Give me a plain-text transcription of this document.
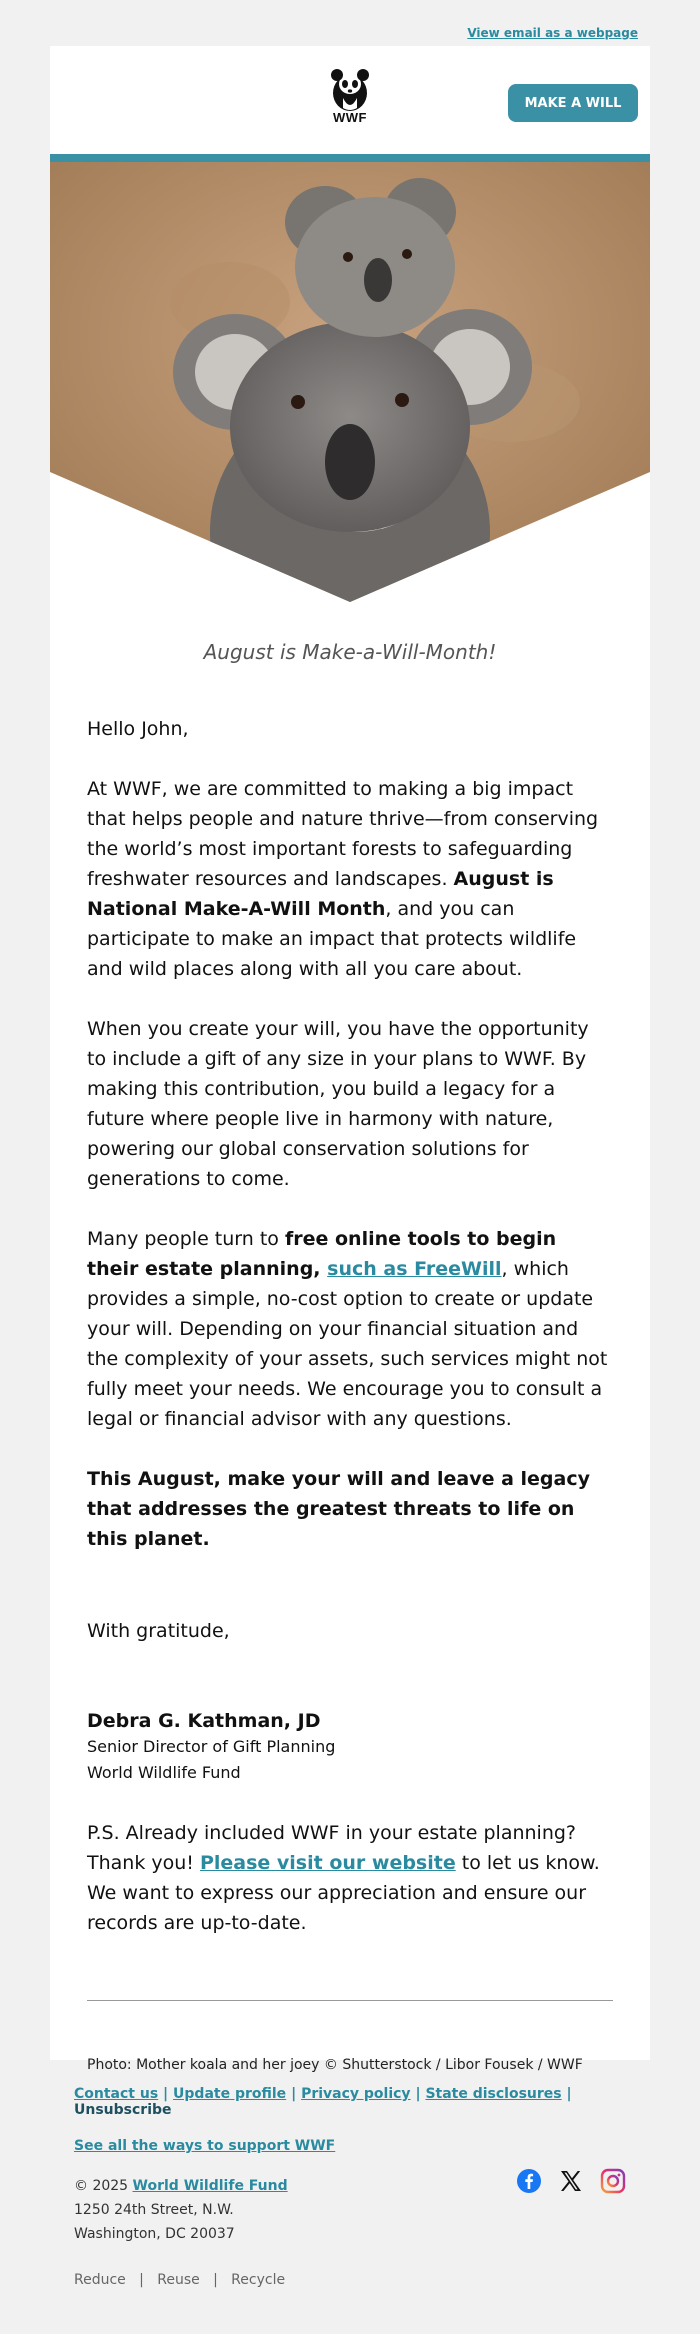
View email as a webpage
WWF
MAKE A WILL

August is Make-a-Will-Month!

Hello John,

At WWF, we are committed to making a big impact that helps people and nature thrive—from conserving the world’s most important forests to safeguarding freshwater resources and landscapes. August is National Make-A-Will Month, and you can participate to make an impact that protects wildlife and wild places along with all you care about.

When you create your will, you have the opportunity to include a gift of any size in your plans to WWF. By making this contribution, you build a legacy for a future where people live in harmony with nature, powering our global conservation solutions for generations to come.

Many people turn to free online tools to begin their estate planning, such as FreeWill, which provides a simple, no-cost option to create or update your will. Depending on your financial situation and the complexity of your assets, such services might not fully meet your needs. We encourage you to consult a legal or financial advisor with any questions.

This August, make your will and leave a legacy that addresses the greatest threats to life on this planet.

With gratitude,

Debra G. Kathman, JD

Senior Director of Gift Planning

World Wildlife Fund

P.S. Already included WWF in your estate planning? Thank you! Please visit our website to let us know. We want to express our appreciation and ensure our records are up-to-date.

Photo: Mother koala and her joey © Shutterstock / Libor Fousek / WWF

Contact us | Update profile | Privacy policy | State disclosures | Unsubscribe
See all the ways to support WWF
© 2025 World Wildlife Fund
1250 24th Street, N.W.
Washington, DC 20037
Reduce   |   Reuse   |   Recycle
